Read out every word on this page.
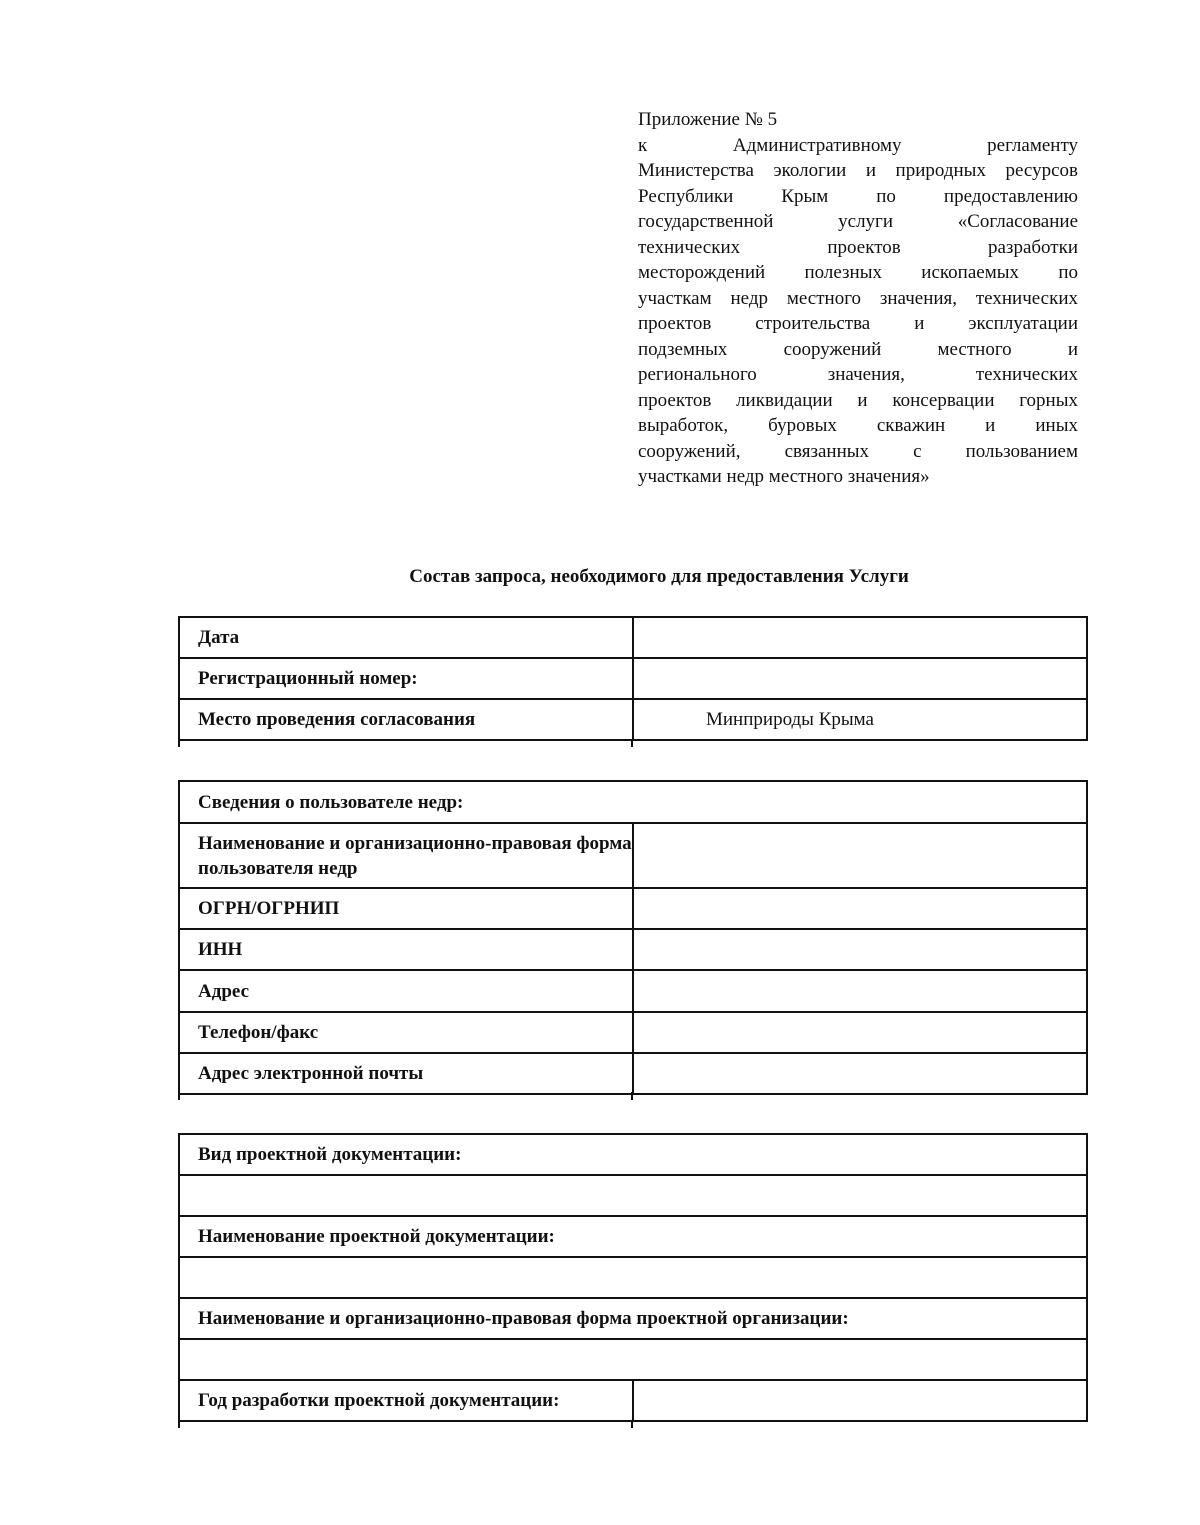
Приложение № 5
к Административному регламенту
Министерства экологии и природных ресурсов
Республики Крым по предоставлению
государственной услуги «Согласование
технических проектов разработки
месторождений полезных ископаемых по
участкам недр местного значения, технических
проектов строительства и эксплуатации
подземных сооружений местного и
регионального значения, технических
проектов ликвидации и консервации горных
выработок, буровых скважин и иных
сооружений, связанных с пользованием
участками недр местного значения»
Состав запроса, необходимого для предоставления Услуги
Дата	
Регистрационный номер:	
Место проведения согласования	Минприроды Крыма
Сведения о пользователе недр:	
Наименование и организационно-правовая форма пользователя недр	
ОГРН/ОГРНИП	
ИНН	
Адрес	
Телефон/факс	
Адрес электронной почты	
Вид проектной документации:

Наименование проектной документации:

Наименование и организационно-правовая форма проектной организации:

Год разработки проектной документации:	
